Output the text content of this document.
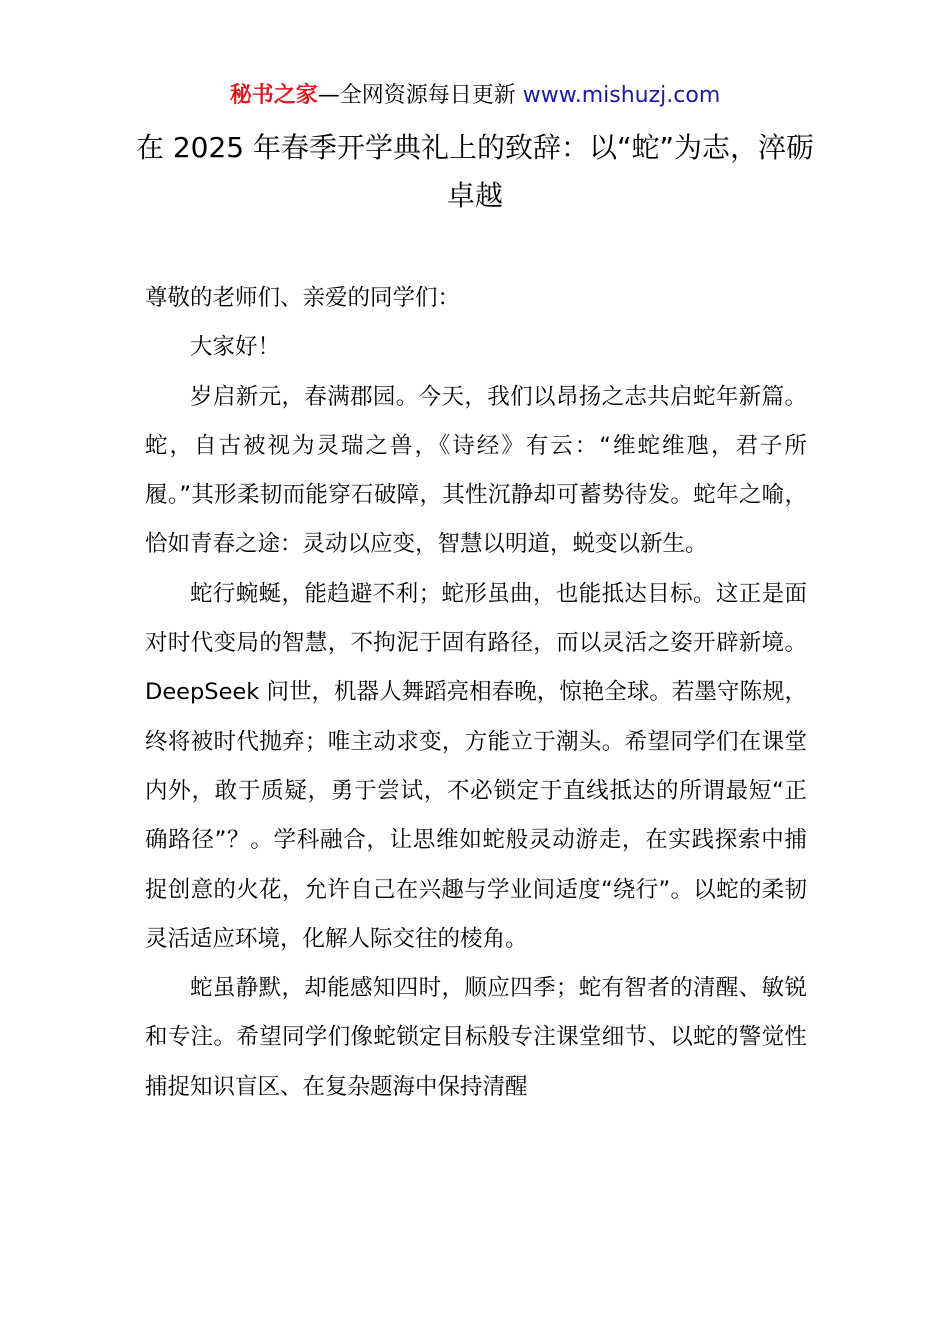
秘书之家—全网资源每日更新 www.mishuzj.com
在 2025 年春季开学典礼上的致辞：以“蛇”为志，淬砺卓越

尊敬的老师们、亲爱的同学们：

大家好！

岁启新元，春满郡园。今天，我们以昂扬之志共启蛇年新篇。蛇，自古被视为灵瑞之兽，《诗经》有云：“维蛇维虺，君子所履。”其形柔韧而能穿石破障，其性沉静却可蓄势待发。蛇年之喻，恰如青春之途：灵动以应变，智慧以明道，蜕变以新生。

蛇行蜿蜒，能趋避不利；蛇形虽曲，也能抵达目标。这正是面对时代变局的智慧，不拘泥于固有路径，而以灵活之姿开辟新境。DeepSeek 问世，机器人舞蹈亮相春晚，惊艳全球。若墨守陈规，终将被时代抛弃；唯主动求变，方能立于潮头。希望同学们在课堂内外，敢于质疑，勇于尝试，不必锁定于直线抵达的所谓最短“正确路径”？。学科融合，让思维如蛇般灵动游走，在实践探索中捕捉创意的火花，允许自己在兴趣与学业间适度“绕行”。以蛇的柔韧灵活适应环境，化解人际交往的棱角。

蛇虽静默，却能感知四时，顺应四季；蛇有智者的清醒、敏锐和专注。希望同学们像蛇锁定目标般专注课堂细节、以蛇的警觉性捕捉知识盲区、在复杂题海中保持清醒
